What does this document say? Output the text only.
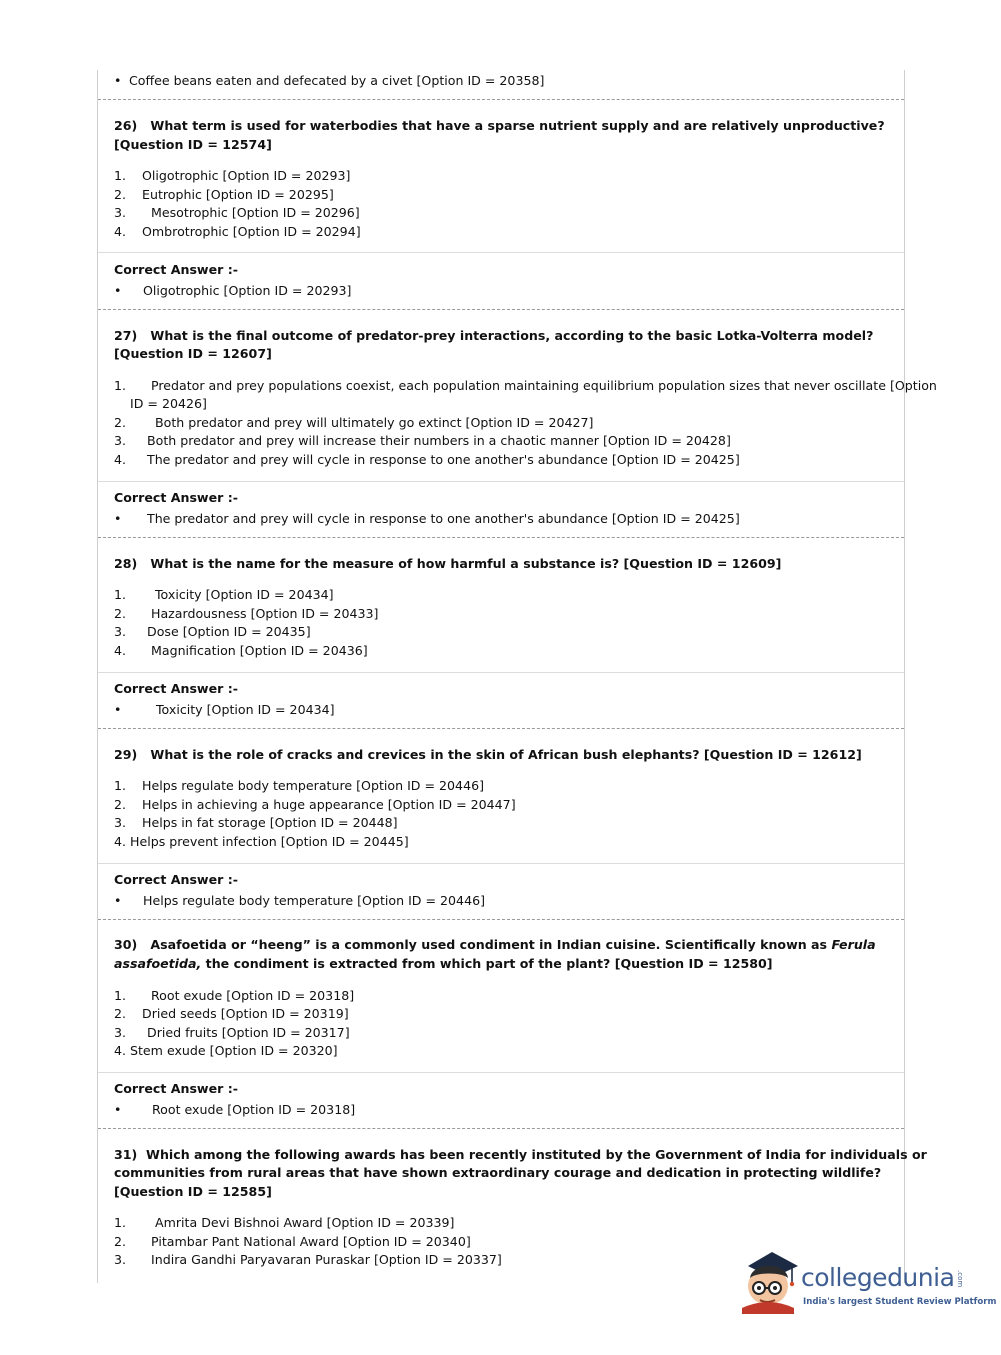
• Coffee beans eaten and defecated by a civet [Option ID = 20358]
26)   What term is used for waterbodies that have a sparse nutrient supply and are relatively unproductive?
[Question ID = 12574]
1. Oligotrophic [Option ID = 20293]
2. Eutrophic [Option ID = 20295]
3. Mesotrophic [Option ID = 20296]
4. Ombrotrophic [Option ID = 20294]
Correct Answer :-
• Oligotrophic [Option ID = 20293]
27)   What is the final outcome of predator-prey interactions, according to the basic Lotka-Volterra model?
[Question ID = 12607]
1. Predator and prey populations coexist, each population maintaining equilibrium population sizes that never oscillate [Option
ID = 20426]
2. Both predator and prey will ultimately go extinct [Option ID = 20427]
3. Both predator and prey will increase their numbers in a chaotic manner [Option ID = 20428]
4. The predator and prey will cycle in response to one another's abundance [Option ID = 20425]
Correct Answer :-
• The predator and prey will cycle in response to one another's abundance [Option ID = 20425]
28)   What is the name for the measure of how harmful a substance is? [Question ID = 12609]
1. Toxicity [Option ID = 20434]
2. Hazardousness [Option ID = 20433]
3. Dose [Option ID = 20435]
4. Magnification [Option ID = 20436]
Correct Answer :-
•	Toxicity [Option ID = 20434]
29)   What is the role of cracks and crevices in the skin of African bush elephants? [Question ID = 12612]
1. Helps regulate body temperature [Option ID = 20446]
2. Helps in achieving a huge appearance [Option ID = 20447]
3. Helps in fat storage [Option ID = 20448]
4. Helps prevent infection [Option ID = 20445]
Correct Answer :-
• Helps regulate body temperature [Option ID = 20446]
30)   Asafoetida or “heeng” is a commonly used condiment in Indian cuisine. Scientifically known as Ferula
assafoetida, the condiment is extracted from which part of the plant? [Question ID = 12580]
1. Root exude [Option ID = 20318]
2. Dried seeds [Option ID = 20319]
3. Dried fruits [Option ID = 20317]
4. Stem exude [Option ID = 20320]
Correct Answer :-
• Root exude [Option ID = 20318]
31)  Which among the following awards has been recently instituted by the Government of India for individuals or
communities from rural areas that have shown extraordinary courage and dedication in protecting wildlife?
[Question ID = 12585]
1. Amrita Devi Bishnoi Award [Option ID = 20339]
2. Pitambar Pant National Award [Option ID = 20340]
3. Indira Gandhi Paryavaran Puraskar [Option ID = 20337]
collegedunia .com
India's largest Student Review Platform
